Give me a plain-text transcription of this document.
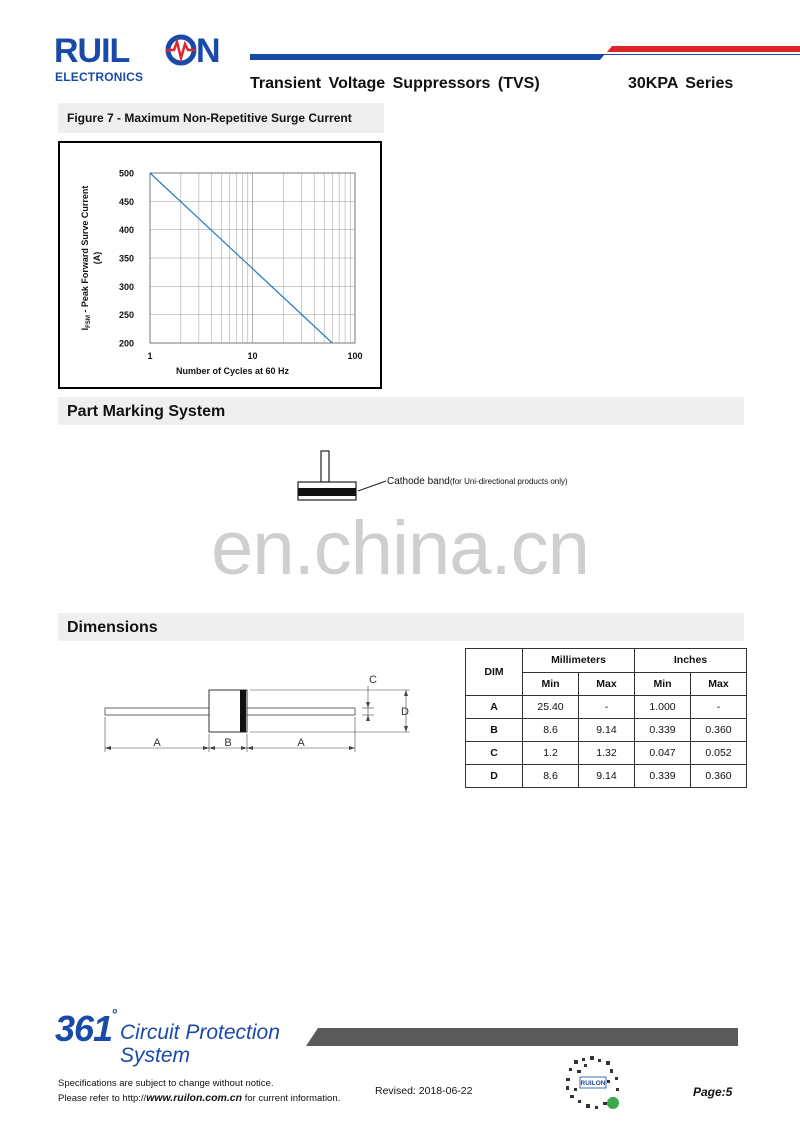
RUIL N
ELECTRONICS	Transient Voltage Suppressors (TVS)	30KPA Series
Figure 7 - Maximum Non-Repetitive Surge Current
200
250
300
350
400
450
500
1	10	100
Number of Cycles at 60 Hz
$I_{FSM}$ - Peak Forward Surve Current (A)
Part Marking System
Cathode band(for Uni-directional products only)
en.china.cn
Dimensions
A	B	A
C
D
DIM	Millimeters		Inches	
	Min	Max	Min	Max
A	25.40	-	1.000	-
B	8.6	9.14	0.339	0.360
C	1.2	1.32	0.047	0.052
D	8.6	9.14	0.339	0.360
361 °
Circuit Protection
System
Specifications are subject to change without notice.
Please refer to http://www.ruilon.com.cn for current information.
Revised: 2018-06-22
RUILON
Page:5
